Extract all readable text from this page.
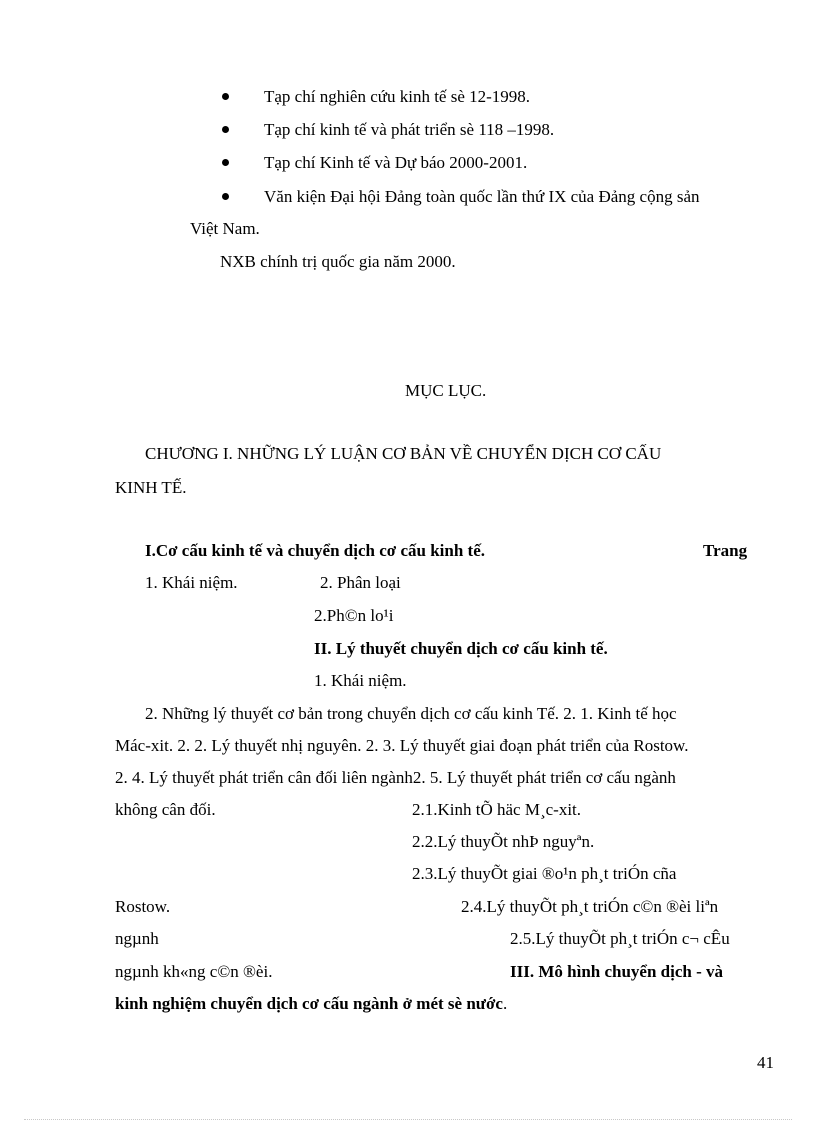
Tạp chí nghiên cứu kinh tế sè 12-1998.
Tạp chí kinh tế và phát triển sè 118 –1998.
Tạp chí Kinh tế và Dự báo 2000-2001.
Văn kiện Đại hội Đảng toàn quốc lần thứ IX của Đảng cộng sản
Việt Nam.
NXB chính trị quốc gia năm 2000.
MỤC LỤC.
CHƯƠNG I. NHỮNG LÝ LUẬN CƠ BẢN VỀ CHUYỂN DỊCH CƠ CẤU
KINH TẾ.
I.Cơ cấu kinh tế và chuyển dịch cơ cấu kinh tế.	Trang
1. Khái niệm.	2. Phân loại
2.Ph©n lo¹i
II. Lý thuyết chuyển dịch cơ cấu kinh tế.
1. Khái niệm.
2. Những lý thuyết cơ bản trong chuyển dịch cơ cấu kinh Tế. 2. 1. Kinh tế học
Mác-xit. 2. 2. Lý thuyết nhị nguyên. 2. 3. Lý thuyết giai đoạn phát triển của Rostow.
2. 4. Lý thuyết phát triển cân đối liên ngành2. 5. Lý thuyết phát triển cơ cấu ngành
không cân đối.	2.1.Kinh tÕ häc M¸c-xit.
2.2.Lý thuyÕt nhÞ nguyªn.
2.3.Lý thuyÕt giai ®o¹n ph¸t triÓn cña
Rostow.	2.4.Lý thuyÕt ph¸t triÓn c©n ®èi liªn
ngµnh	2.5.Lý thuyÕt ph¸t triÓn c¬ cÊu
ngµnh kh«ng c©n ®èi.	III. Mô hình chuyển dịch - và
kinh nghiệm chuyển dịch cơ cấu ngành ở mét sè nước.
41
